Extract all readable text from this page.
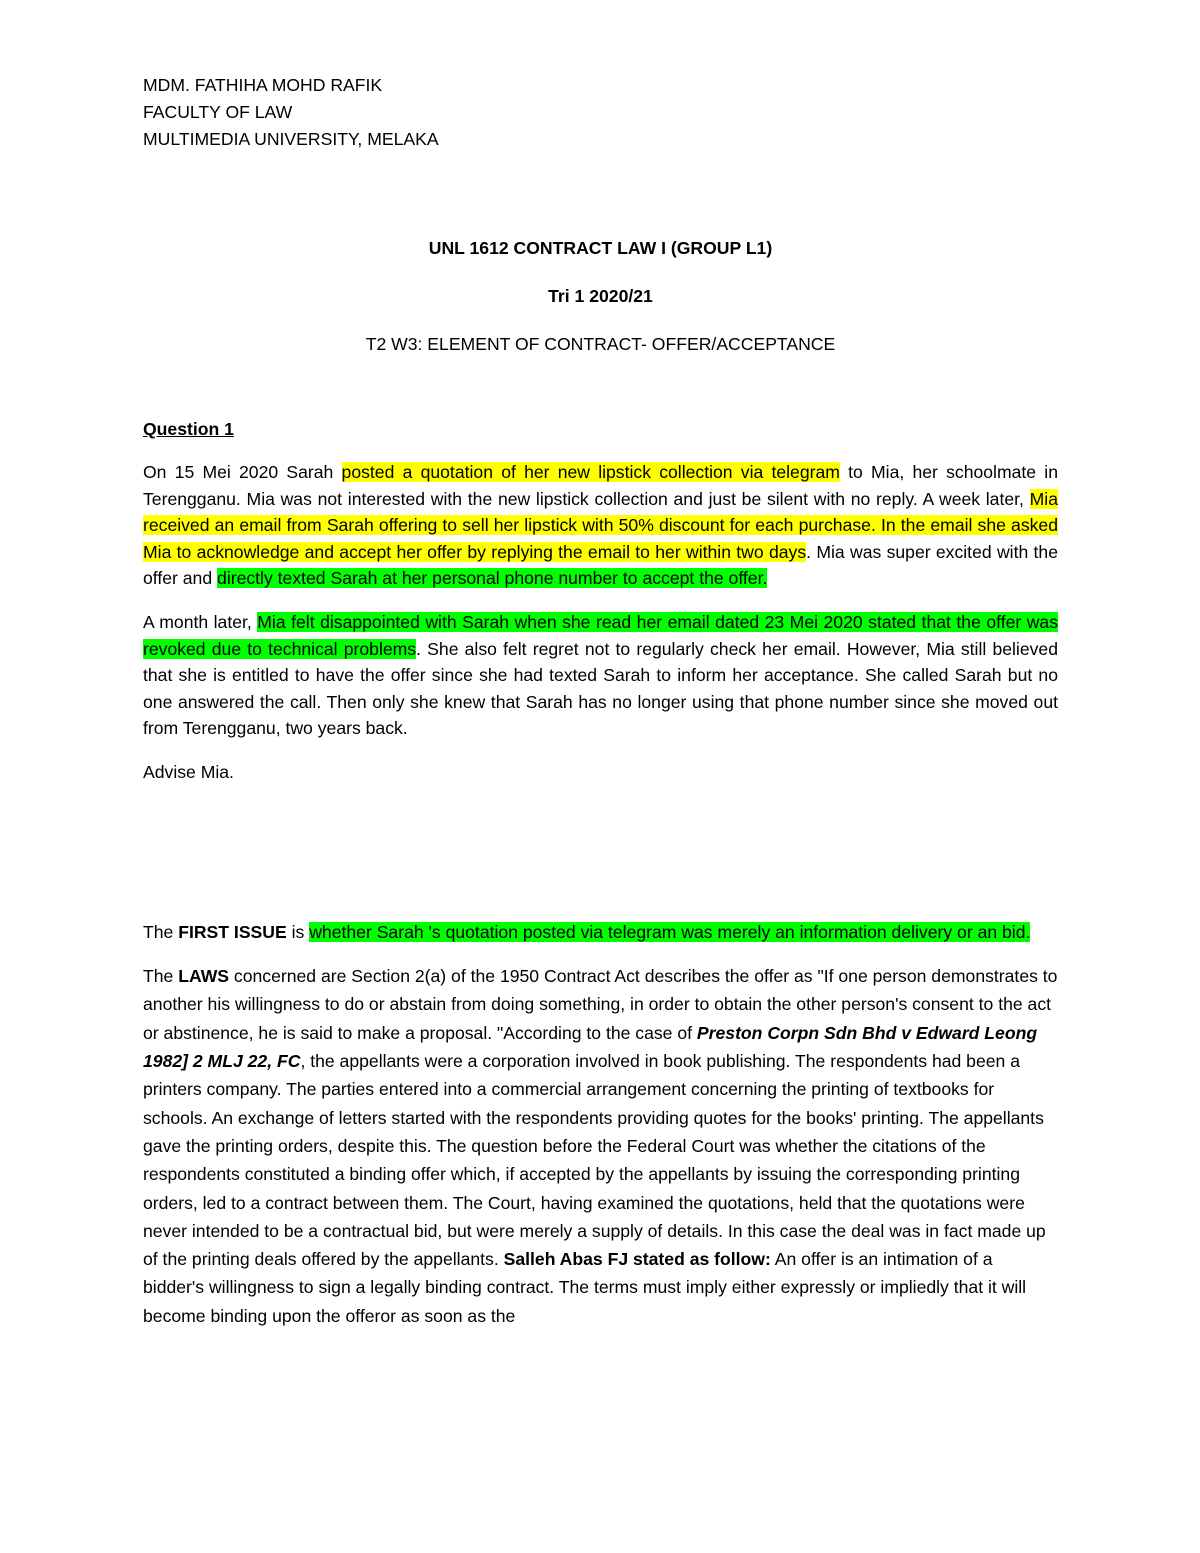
MDM. FATHIHA MOHD RAFIK

FACULTY OF LAW

MULTIMEDIA UNIVERSITY, MELAKA

UNL 1612 CONTRACT LAW I (GROUP L1)

Tri 1 2020/21

T2 W3: ELEMENT OF CONTRACT- OFFER/ACCEPTANCE

Question 1

On 15 Mei 2020 Sarah posted a quotation of her new lipstick collection via telegram to Mia, her schoolmate in Terengganu. Mia was not interested with the new lipstick collection and just be silent with no reply. A week later, Mia received an email from Sarah offering to sell her lipstick with 50% discount for each purchase. In the email she asked Mia to acknowledge and accept her offer by replying the email to her within two days. Mia was super excited with the offer and directly texted Sarah at her personal phone number to accept the offer.

A month later, Mia felt disappointed with Sarah when she read her email dated 23 Mei 2020 stated that the offer was revoked due to technical problems. She also felt regret not to regularly check her email. However, Mia still believed that she is entitled to have the offer since she had texted Sarah to inform her acceptance. She called Sarah but no one answered the call. Then only she knew that Sarah has no longer using that phone number since she moved out from Terengganu, two years back.

Advise Mia.

The FIRST ISSUE is whether Sarah 's quotation posted via telegram was merely an information delivery or an bid.

The LAWS concerned are Section 2(a) of the 1950 Contract Act describes the offer as "If one person demonstrates to another his willingness to do or abstain from doing something, in order to obtain the other person's consent to the act or abstinence, he is said to make a proposal. "According to the case of Preston Corpn Sdn Bhd v Edward Leong 1982] 2 MLJ 22, FC, the appellants were a corporation involved in book publishing. The respondents had been a printers company. The parties entered into a commercial arrangement concerning the printing of textbooks for schools. An exchange of letters started with the respondents providing quotes for the books' printing. The appellants gave the printing orders, despite this. The question before the Federal Court was whether the citations of the respondents constituted a binding offer which, if accepted by the appellants by issuing the corresponding printing orders, led to a contract between them. The Court, having examined the quotations, held that the quotations were never intended to be a contractual bid, but were merely a supply of details. In this case the deal was in fact made up of the printing deals offered by the appellants. Salleh Abas FJ stated as follow: An offer is an intimation of a bidder's willingness to sign a legally binding contract. The terms must imply either expressly or impliedly that it will become binding upon the offeror as soon as the
